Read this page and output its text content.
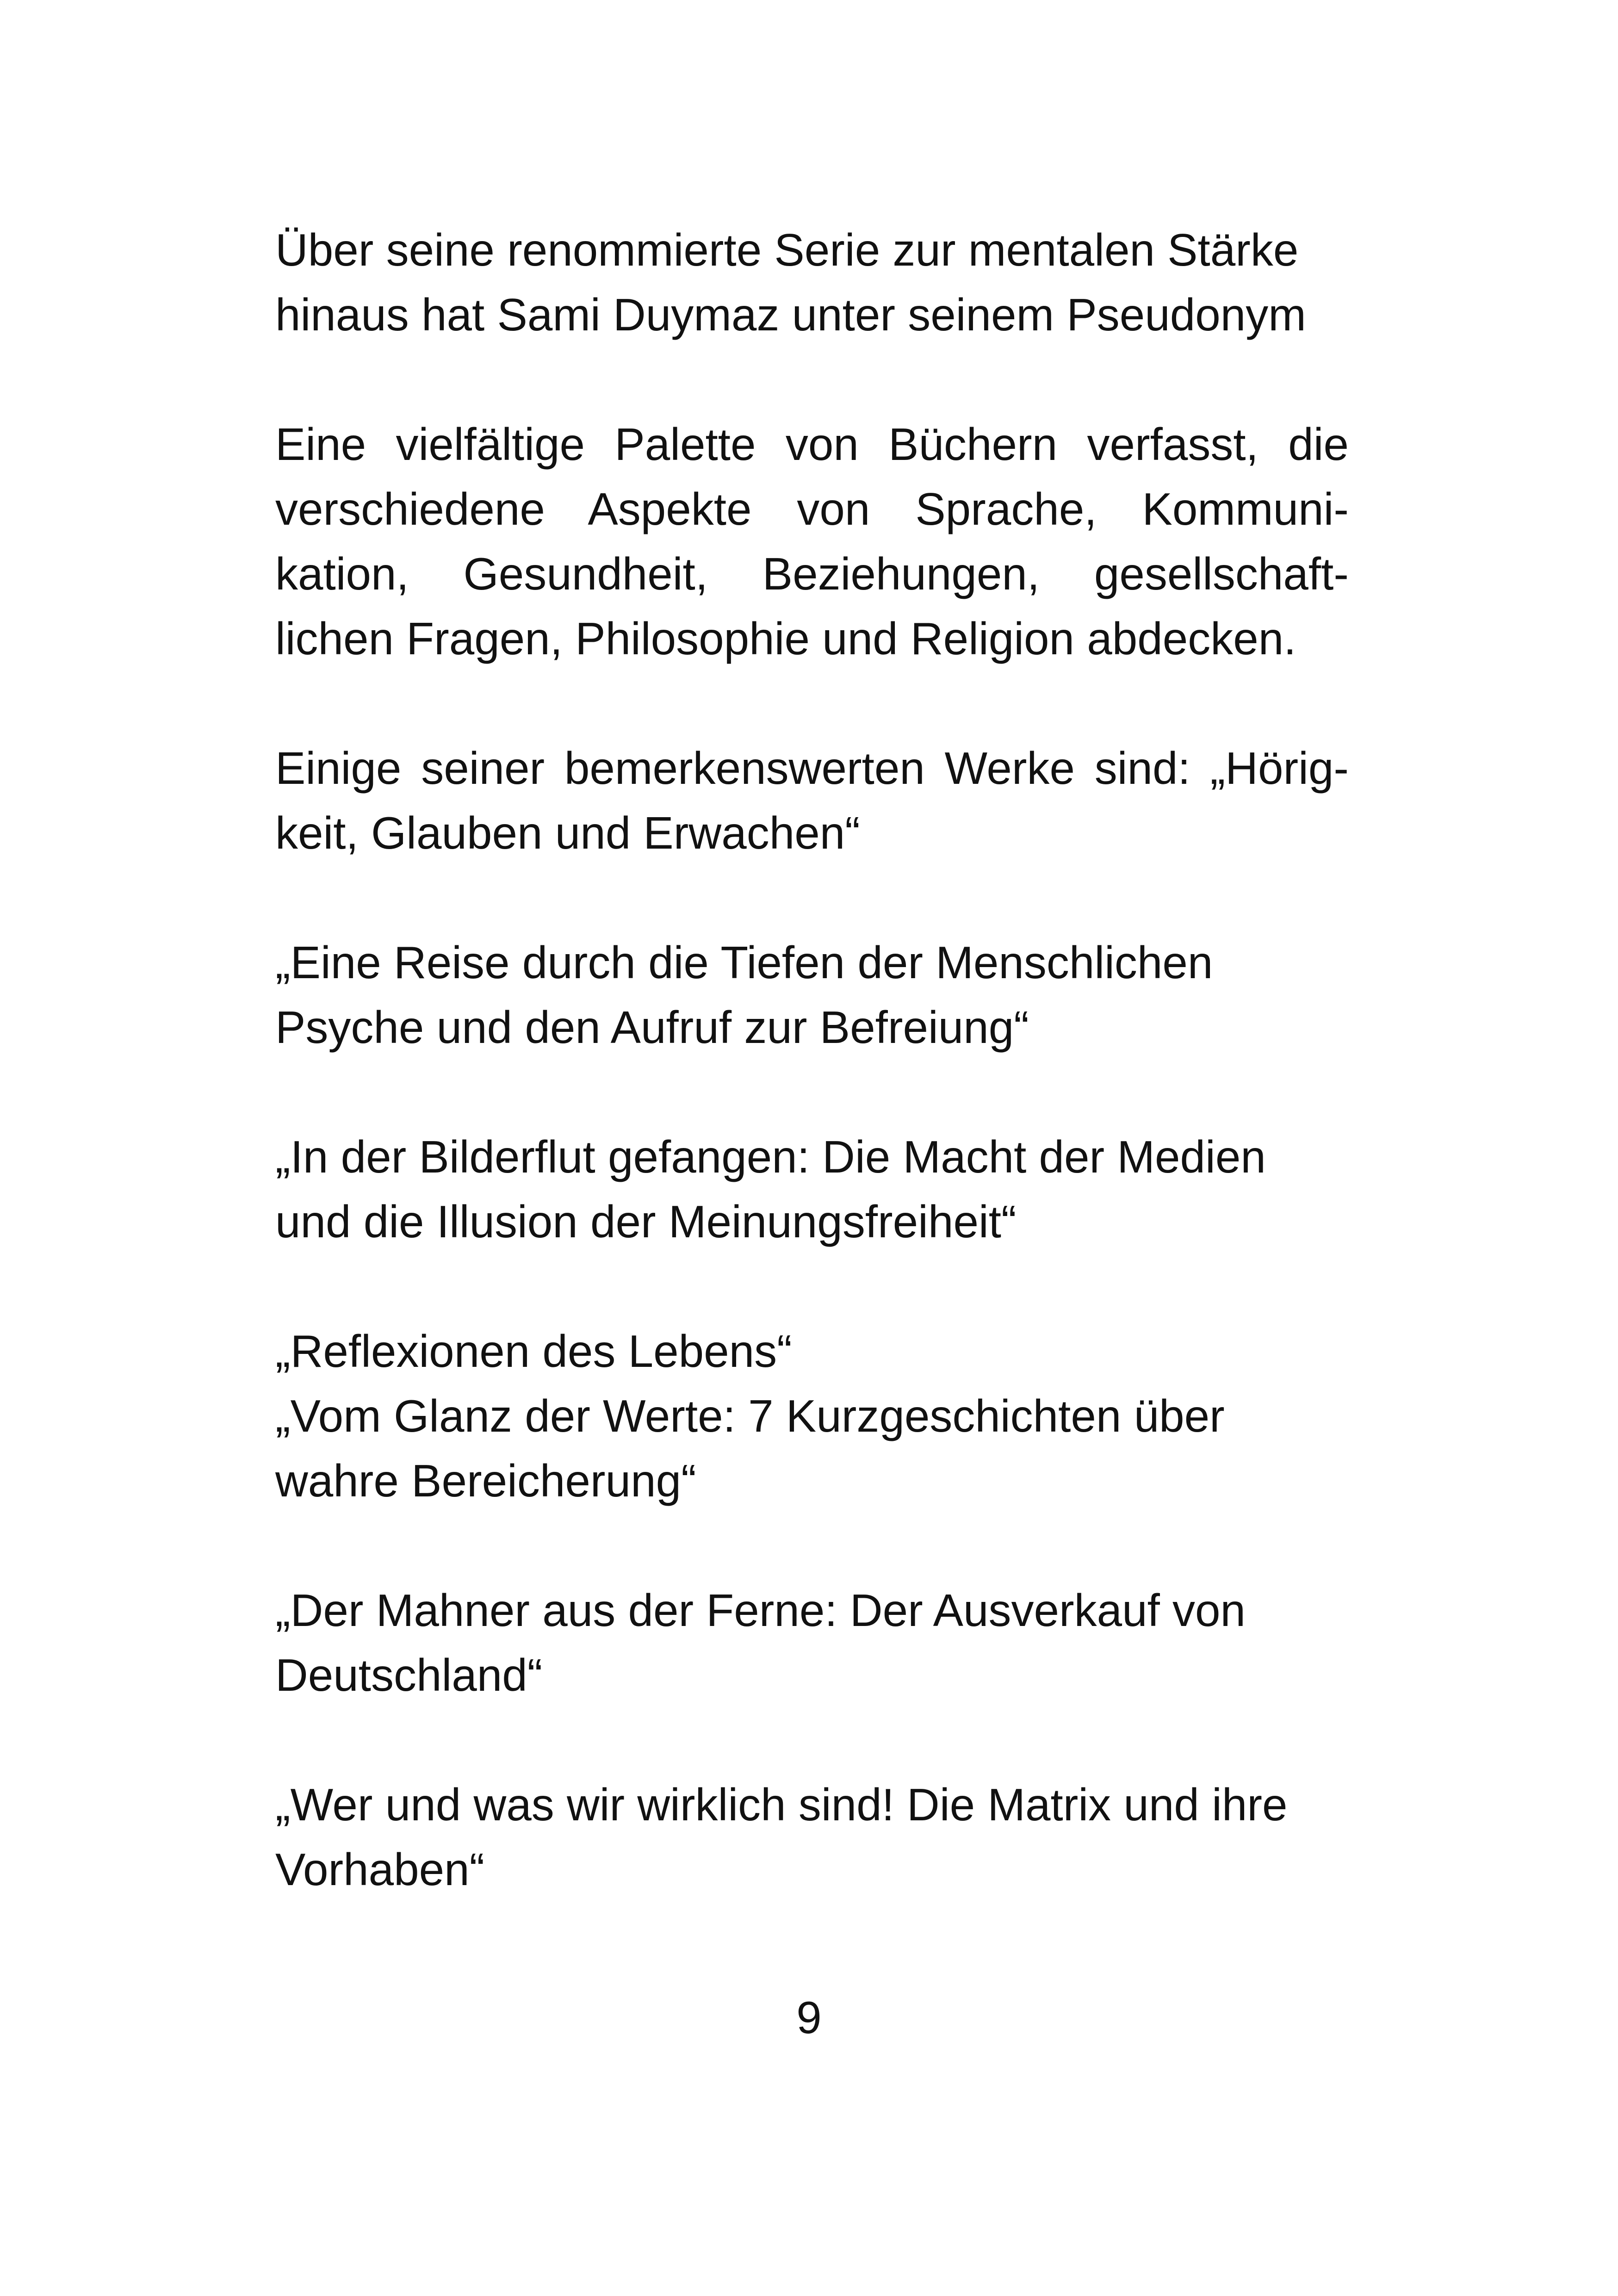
Über seine renommierte Serie zur mentalen Stärke
hinaus hat Sami Duymaz unter seinem Pseudonym

Eine vielfältige Palette von Büchern verfasst, die
verschiedene Aspekte von Sprache, Kommuni-
kation, Gesundheit, Beziehungen, gesellschaft-
lichen Fragen, Philosophie und Religion abdecken.

Einige seiner bemerkenswerten Werke sind: „Hörig-
keit, Glauben und Erwachen“

„Eine Reise durch die Tiefen der Menschlichen
Psyche und den Aufruf zur Befreiung“

„In der Bilderflut gefangen: Die Macht der Medien
und die Illusion der Meinungsfreiheit“

„Reflexionen des Lebens“
„Vom Glanz der Werte: 7 Kurzgeschichten über
wahre Bereicherung“

„Der Mahner aus der Ferne: Der Ausverkauf von
Deutschland“

„Wer und was wir wirklich sind! Die Matrix und ihre
Vorhaben“

9
